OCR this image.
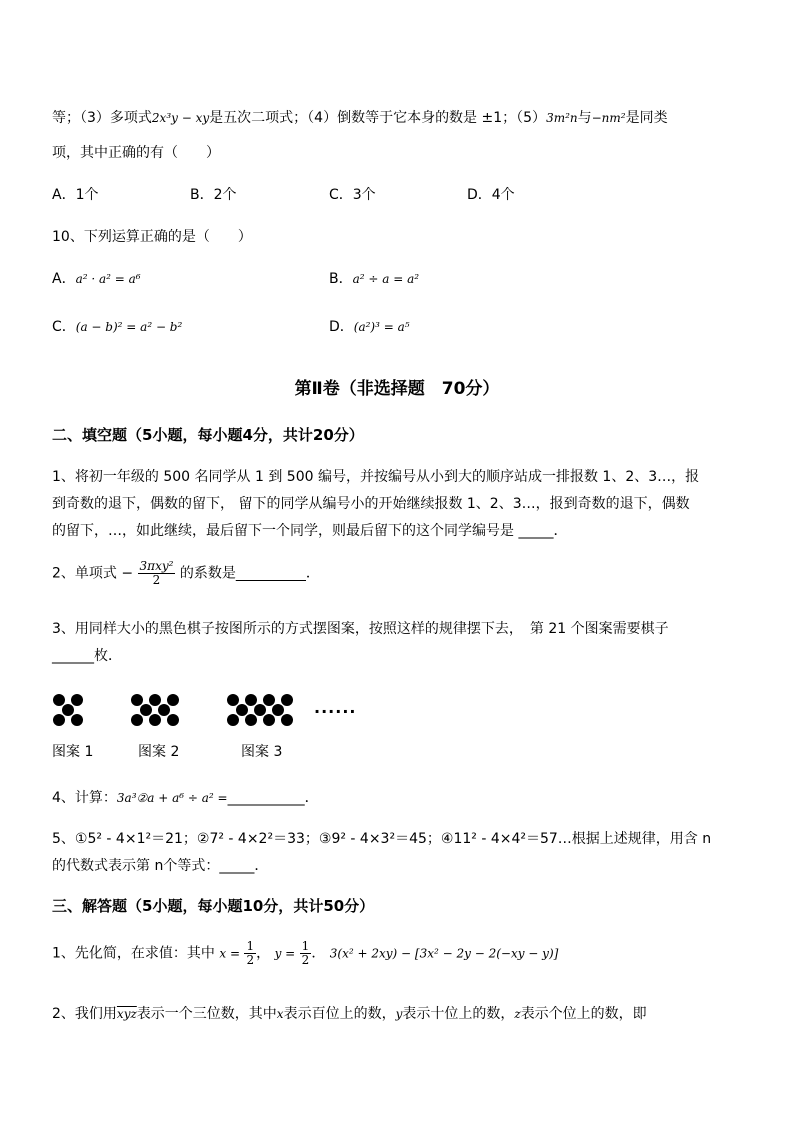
等；（3）多项式2x³y − xy是五次二项式；（4）倒数等于它本身的数是 ±1；（5）3m²n与−nm²是同类
项，其中正确的有（　　）
A．1个	B．2个	C．3个	D．4个
10、下列运算正确的是（　　）
A．a² · a² = a⁶	B．a² ÷ a = a²
C．(a − b)² = a² − b²	D．(a²)³ = a⁵
第Ⅱ卷（非选择题　70分）
二、填空题（5小题，每小题4分，共计20分）
1、将初一年级的 500 名同学从 1 到 500 编号，并按编号从小到大的顺序站成一排报数 1、2、3…，报
到奇数的退下，偶数的留下， 留下的同学从编号小的开始继续报数 1、2、3…，报到奇数的退下，偶数
的留下，…，如此继续，最后留下一个同学，则最后留下的这个同学编号是 _____．
2、单项式 − $\frac{\text{3πxy²}}{2}$ 的系数是__________．
3、用同样大小的黑色棋子按图所示的方式摆图案，按照这样的规律摆下去，　第 21 个图案需要棋子
______枚．
······
图案 1	图案 2	图案 3
4、计算：3a³②a + a⁶ ÷ a² =___________．
5、①5² - 4×1²＝21；②7² - 4×2²＝33；③9² - 4×3²＝45；④11² - 4×4²＝57…根据上述规律，用含 n
的代数式表示第 n个等式：_____．
三、解答题（5小题，每小题10分，共计50分）
1、先化简，在求值：其中 $x = \frac{1}{2}$ ， $y = \frac{1}{2}$ ． 3(x² + 2xy) − [3x² − 2y − 2(−xy − y)]
2、我们用$\overline{xyz}$表示一个三位数，其中x表示百位上的数，y表示十位上的数，z表示个位上的数，即
